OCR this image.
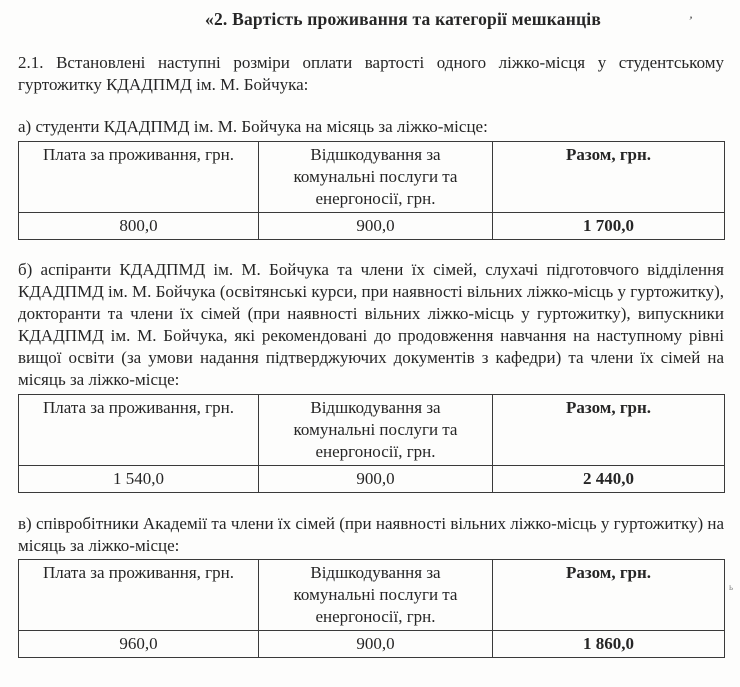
«2. Вартість проживання та категорії мешканців	’
ь

2.1. Встановлені наступні розміри оплати вартості одного ліжко-місця у студентському гуртожитку КДАДПМД ім. М. Бойчука:

а) студенти КДАДПМД ім. М. Бойчука на місяць за ліжко-місце:

Плата за проживання, грн.	Відшкодування за комунальні послуги та енергоносії, грн.	Разом, грн.

800,0	900,0	1 700,0

б) аспіранти КДАДПМД ім. М. Бойчука та члени їх сімей, слухачі підготовчого відділення КДАДПМД ім. М. Бойчука (освітянські курси, при наявності вільних ліжко-місць у гуртожитку), докторанти та члени їх сімей (при наявності вільних ліжко-місць у гуртожитку), випускники КДАДПМД ім. М. Бойчука, які рекомендовані до продовження навчання на наступному рівні вищої освіти (за умови надання підтверджуючих документів з кафедри) та члени їх сімей на місяць за ліжко-місце:

Плата за проживання, грн.	Відшкодування за комунальні послуги та енергоносії, грн.	Разом, грн.

1 540,0	900,0	2 440,0

в) співробітники Академії та члени їх сімей (при наявності вільних ліжко-місць у гуртожитку) на місяць за ліжко-місце:

Плата за проживання, грн.	Відшкодування за комунальні послуги та енергоносії, грн.	Разом, грн.

960,0	900,0	1 860,0
